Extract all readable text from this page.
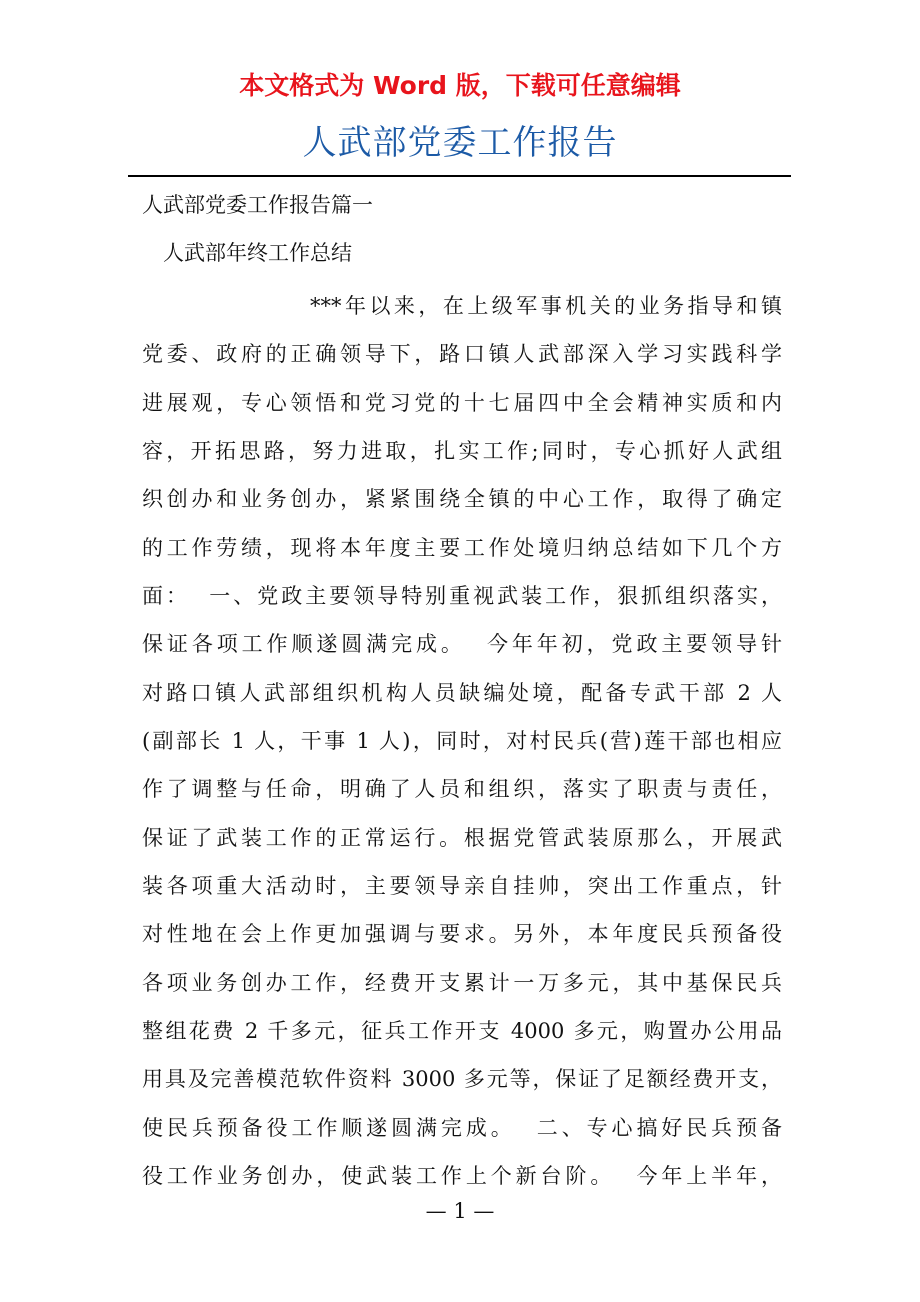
本文格式为 Word 版，下载可任意编辑
人武部党委工作报告
人武部党委工作报告篇一
人武部年终工作总结
***年以来，在上级军事机关的业务指导和镇
党委、政府的正确领导下，路口镇人武部深入学习实践科学
进展观，专心领悟和党习党的十七届四中全会精神实质和内
容，开拓思路，努力进取，扎实工作;同时，专心抓好人武组
织创办和业务创办，紧紧围绕全镇的中心工作，取得了确定
的工作劳绩，现将本年度主要工作处境归纳总结如下几个方
面：  一、党政主要领导特别重视武装工作，狠抓组织落实，
保证各项工作顺遂圆满完成。  今年年初，党政主要领导针
对路口镇人武部组织机构人员缺编处境，配备专武干部 2 人
(副部长 1 人，干事 1 人)，同时，对村民兵(营)莲干部也相应
作了调整与任命，明确了人员和组织，落实了职责与责任，
保证了武装工作的正常运行。根据党管武装原那么，开展武
装各项重大活动时，主要领导亲自挂帅，突出工作重点，针
对性地在会上作更加强调与要求。另外，本年度民兵预备役
各项业务创办工作，经费开支累计一万多元，其中基保民兵
整组花费 2 千多元，征兵工作开支 4000 多元，购置办公用品
用具及完善模范软件资料 3000 多元等，保证了足额经费开支，
使民兵预备役工作顺遂圆满完成。  二、专心搞好民兵预备
役工作业务创办，使武装工作上个新台阶。  今年上半年，
— 1 —
